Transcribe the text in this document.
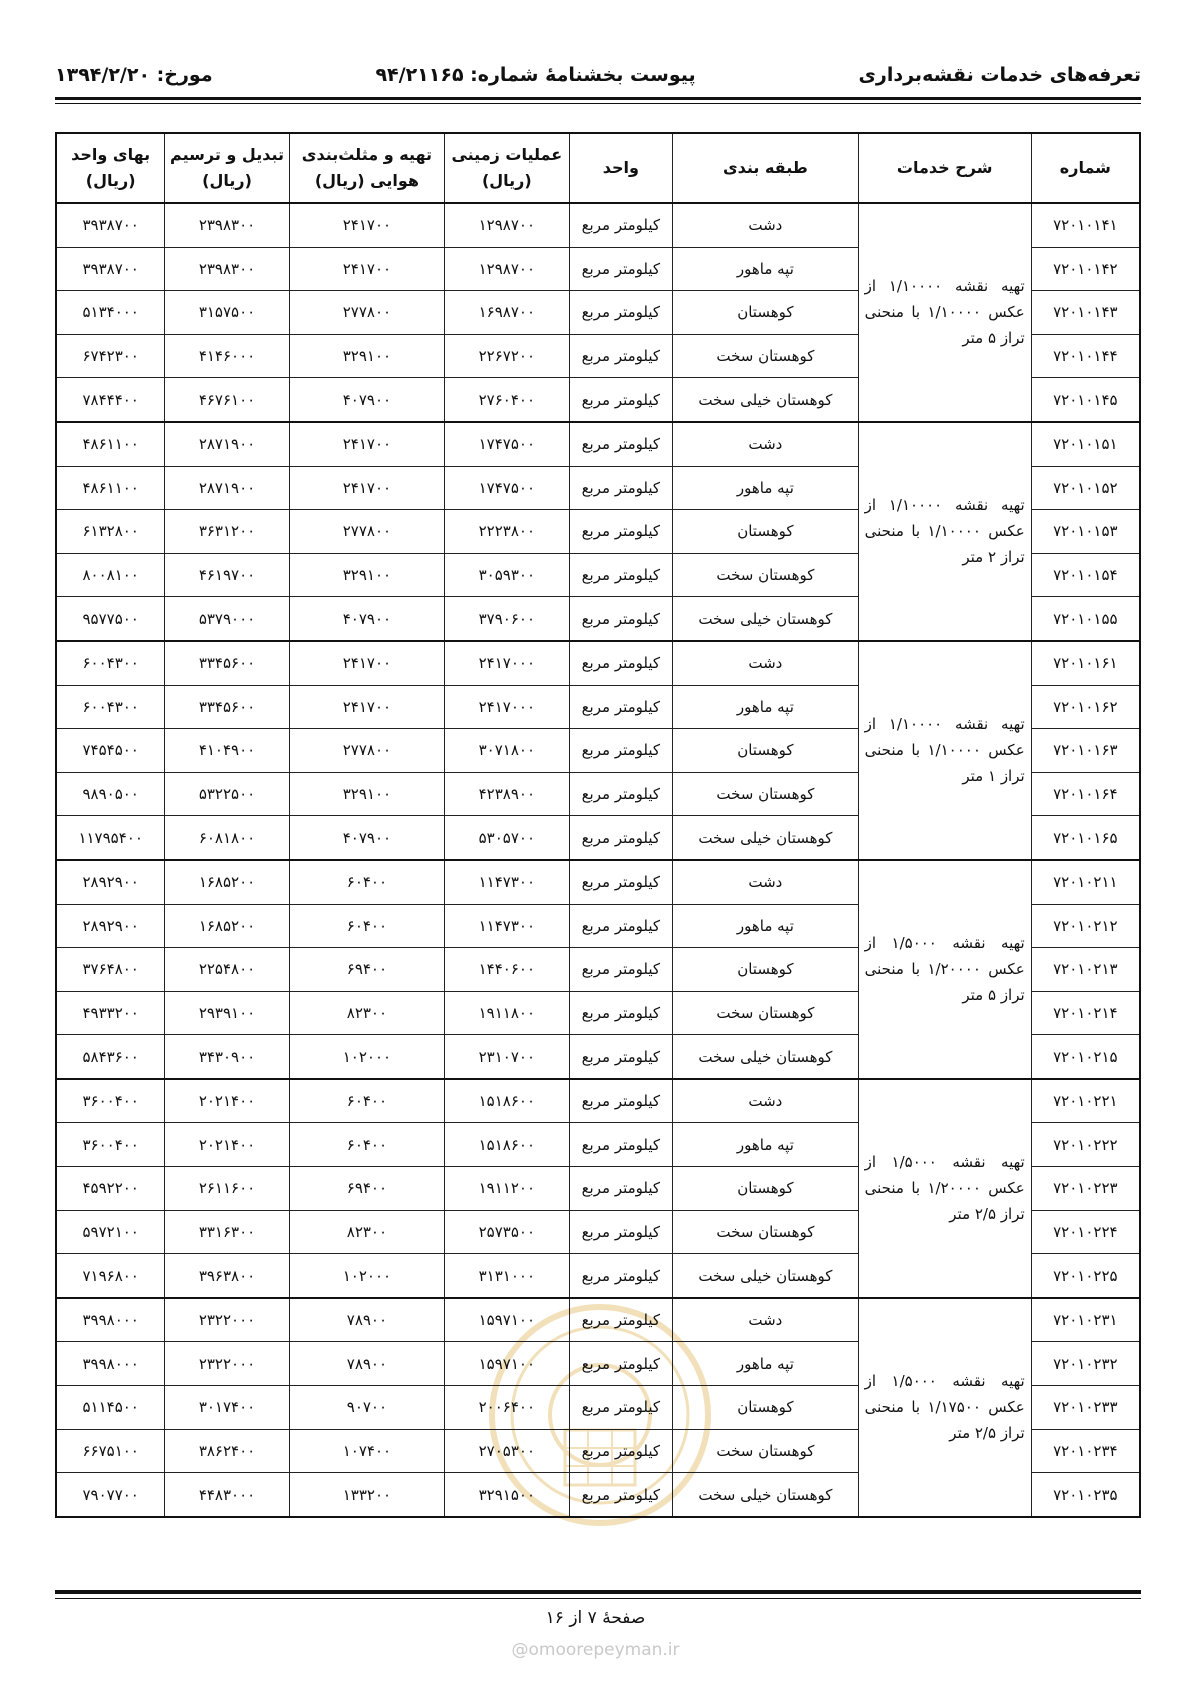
تعرفه‌های خدمات نقشه‌برداری
پیوست بخشنامهٔ شماره: ۹۴/۲۱۱۶۵
مورخ: ۱۳۹۴/۲/۲۰
شماره	شرح خدمات	طبقه بندی	واحد	عملیات زمینی (ریال)	تهیه و مثلث‌بندی هوایی (ریال)	تبدیل و ترسیم (ریال)	بهای واحد (ریال)
۷۲۰۱۰۱۴۱	تهیه نقشه ۱/۱۰۰۰۰ از عکس ۱/۱۰۰۰۰ با منحنی تراز ۵ متر	دشت	کیلومتر مربع	۱۲۹۸۷۰۰	۲۴۱۷۰۰	۲۳۹۸۳۰۰	۳۹۳۸۷۰۰
۷۲۰۱۰۱۴۲		تپه ماهور	کیلومتر مربع	۱۲۹۸۷۰۰	۲۴۱۷۰۰	۲۳۹۸۳۰۰	۳۹۳۸۷۰۰
۷۲۰۱۰۱۴۳		کوهستان	کیلومتر مربع	۱۶۹۸۷۰۰	۲۷۷۸۰۰	۳۱۵۷۵۰۰	۵۱۳۴۰۰۰
۷۲۰۱۰۱۴۴		کوهستان سخت	کیلومتر مربع	۲۲۶۷۲۰۰	۳۲۹۱۰۰	۴۱۴۶۰۰۰	۶۷۴۲۳۰۰
۷۲۰۱۰۱۴۵		کوهستان خیلی سخت	کیلومتر مربع	۲۷۶۰۴۰۰	۴۰۷۹۰۰	۴۶۷۶۱۰۰	۷۸۴۴۴۰۰
۷۲۰۱۰۱۵۱	تهیه نقشه ۱/۱۰۰۰۰ از عکس ۱/۱۰۰۰۰ با منحنی تراز ۲ متر	دشت	کیلومتر مربع	۱۷۴۷۵۰۰	۲۴۱۷۰۰	۲۸۷۱۹۰۰	۴۸۶۱۱۰۰
۷۲۰۱۰۱۵۲		تپه ماهور	کیلومتر مربع	۱۷۴۷۵۰۰	۲۴۱۷۰۰	۲۸۷۱۹۰۰	۴۸۶۱۱۰۰
۷۲۰۱۰۱۵۳		کوهستان	کیلومتر مربع	۲۲۲۳۸۰۰	۲۷۷۸۰۰	۳۶۳۱۲۰۰	۶۱۳۲۸۰۰
۷۲۰۱۰۱۵۴		کوهستان سخت	کیلومتر مربع	۳۰۵۹۳۰۰	۳۲۹۱۰۰	۴۶۱۹۷۰۰	۸۰۰۸۱۰۰
۷۲۰۱۰۱۵۵		کوهستان خیلی سخت	کیلومتر مربع	۳۷۹۰۶۰۰	۴۰۷۹۰۰	۵۳۷۹۰۰۰	۹۵۷۷۵۰۰
۷۲۰۱۰۱۶۱	تهیه نقشه ۱/۱۰۰۰۰ از عکس ۱/۱۰۰۰۰ با منحنی تراز ۱ متر	دشت	کیلومتر مربع	۲۴۱۷۰۰۰	۲۴۱۷۰۰	۳۳۴۵۶۰۰	۶۰۰۴۳۰۰
۷۲۰۱۰۱۶۲		تپه ماهور	کیلومتر مربع	۲۴۱۷۰۰۰	۲۴۱۷۰۰	۳۳۴۵۶۰۰	۶۰۰۴۳۰۰
۷۲۰۱۰۱۶۳		کوهستان	کیلومتر مربع	۳۰۷۱۸۰۰	۲۷۷۸۰۰	۴۱۰۴۹۰۰	۷۴۵۴۵۰۰
۷۲۰۱۰۱۶۴		کوهستان سخت	کیلومتر مربع	۴۲۳۸۹۰۰	۳۲۹۱۰۰	۵۳۲۲۵۰۰	۹۸۹۰۵۰۰
۷۲۰۱۰۱۶۵		کوهستان خیلی سخت	کیلومتر مربع	۵۳۰۵۷۰۰	۴۰۷۹۰۰	۶۰۸۱۸۰۰	۱۱۷۹۵۴۰۰
۷۲۰۱۰۲۱۱	تهیه نقشه ۱/۵۰۰۰ از عکس ۱/۲۰۰۰۰ با منحنی تراز ۵ متر	دشت	کیلومتر مربع	۱۱۴۷۳۰۰	۶۰۴۰۰	۱۶۸۵۲۰۰	۲۸۹۲۹۰۰
۷۲۰۱۰۲۱۲		تپه ماهور	کیلومتر مربع	۱۱۴۷۳۰۰	۶۰۴۰۰	۱۶۸۵۲۰۰	۲۸۹۲۹۰۰
۷۲۰۱۰۲۱۳		کوهستان	کیلومتر مربع	۱۴۴۰۶۰۰	۶۹۴۰۰	۲۲۵۴۸۰۰	۳۷۶۴۸۰۰
۷۲۰۱۰۲۱۴		کوهستان سخت	کیلومتر مربع	۱۹۱۱۸۰۰	۸۲۳۰۰	۲۹۳۹۱۰۰	۴۹۳۳۲۰۰
۷۲۰۱۰۲۱۵		کوهستان خیلی سخت	کیلومتر مربع	۲۳۱۰۷۰۰	۱۰۲۰۰۰	۳۴۳۰۹۰۰	۵۸۴۳۶۰۰
۷۲۰۱۰۲۲۱	تهیه نقشه ۱/۵۰۰۰ از عکس ۱/۲۰۰۰۰ با منحنی تراز ۲/۵ متر	دشت	کیلومتر مربع	۱۵۱۸۶۰۰	۶۰۴۰۰	۲۰۲۱۴۰۰	۳۶۰۰۴۰۰
۷۲۰۱۰۲۲۲		تپه ماهور	کیلومتر مربع	۱۵۱۸۶۰۰	۶۰۴۰۰	۲۰۲۱۴۰۰	۳۶۰۰۴۰۰
۷۲۰۱۰۲۲۳		کوهستان	کیلومتر مربع	۱۹۱۱۲۰۰	۶۹۴۰۰	۲۶۱۱۶۰۰	۴۵۹۲۲۰۰
۷۲۰۱۰۲۲۴		کوهستان سخت	کیلومتر مربع	۲۵۷۳۵۰۰	۸۲۳۰۰	۳۳۱۶۳۰۰	۵۹۷۲۱۰۰
۷۲۰۱۰۲۲۵		کوهستان خیلی سخت	کیلومتر مربع	۳۱۳۱۰۰۰	۱۰۲۰۰۰	۳۹۶۳۸۰۰	۷۱۹۶۸۰۰
۷۲۰۱۰۲۳۱	تهیه نقشه ۱/۵۰۰۰ از عکس ۱/۱۷۵۰۰ با منحنی تراز ۲/۵ متر	دشت	کیلومتر مربع	۱۵۹۷۱۰۰	۷۸۹۰۰	۲۳۲۲۰۰۰	۳۹۹۸۰۰۰
۷۲۰۱۰۲۳۲		تپه ماهور	کیلومتر مربع	۱۵۹۷۱۰۰	۷۸۹۰۰	۲۳۲۲۰۰۰	۳۹۹۸۰۰۰
۷۲۰۱۰۲۳۳		کوهستان	کیلومتر مربع	۲۰۰۶۴۰۰	۹۰۷۰۰	۳۰۱۷۴۰۰	۵۱۱۴۵۰۰
۷۲۰۱۰۲۳۴		کوهستان سخت	کیلومتر مربع	۲۷۰۵۳۰۰	۱۰۷۴۰۰	۳۸۶۲۴۰۰	۶۶۷۵۱۰۰
۷۲۰۱۰۲۳۵		کوهستان خیلی سخت	کیلومتر مربع	۳۲۹۱۵۰۰	۱۳۳۲۰۰	۴۴۸۳۰۰۰	۷۹۰۷۷۰۰
صفحهٔ ۷ از ۱۶
@omoorepeyman.ir
